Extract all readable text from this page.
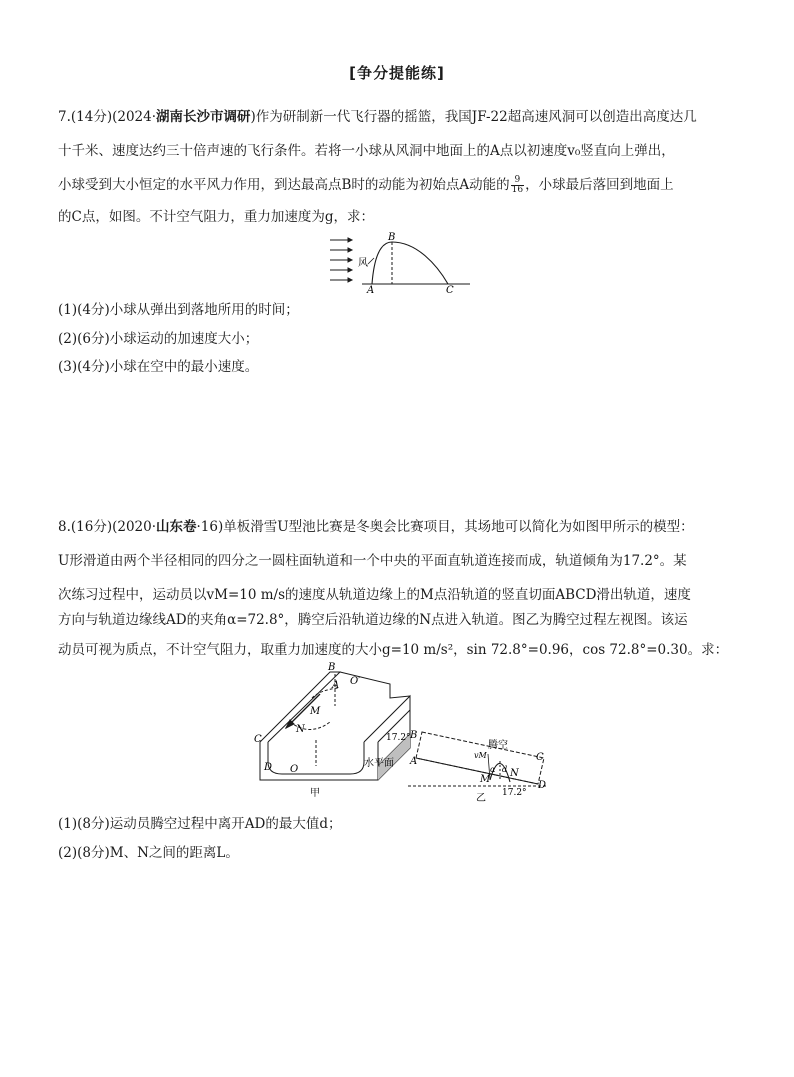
[争分提能练]
7.(14分)(2024·湖南长沙市调研)作为研制新一代飞行器的摇篮，我国JF-22超高速风洞可以创造出高度达几
十千米、速度达约三十倍声速的飞行条件。若将一小球从风洞中地面上的A点以初速度v₀竖直向上弹出，
小球受到大小恒定的水平风力作用，到达最高点B时的动能为初始点A动能的 $\frac{9}{16}$ ，小球最后落回到地面上
的C点，如图。不计空气阻力，重力加速度为g，求：
风
A
B
C
(1)(4分)小球从弹出到落地所用的时间；
(2)(6分)小球运动的加速度大小；
(3)(4分)小球在空中的最小速度。
8.(16分)(2020·山东卷·16)单板滑雪U型池比赛是冬奥会比赛项目，其场地可以简化为如图甲所示的模型：
U形滑道由两个半径相同的四分之一圆柱面轨道和一个中央的平面直轨道连接而成，轨道倾角为17.2°。某
次练习过程中，运动员以vM=10 m/s的速度从轨道边缘上的M点沿轨道的竖直切面ABCD滑出轨道，速度
方向与轨道边缘线AD的夹角α=72.8°，腾空后沿轨道边缘的N点进入轨道。图乙为腾空过程左视图。该运
动员可视为质点，不计空气阻力，取重力加速度的大小g=10 m/s²，sin 72.8°=0.96，cos 72.8°=0.30。求：
B
A O′
M
N
C
D O
17.2°
水平面
甲
B
A	C
D
M
N
vM
α d
腾空
17.2°
乙
(1)(8分)运动员腾空过程中离开AD的最大值d；
(2)(8分)M、N之间的距离L。
